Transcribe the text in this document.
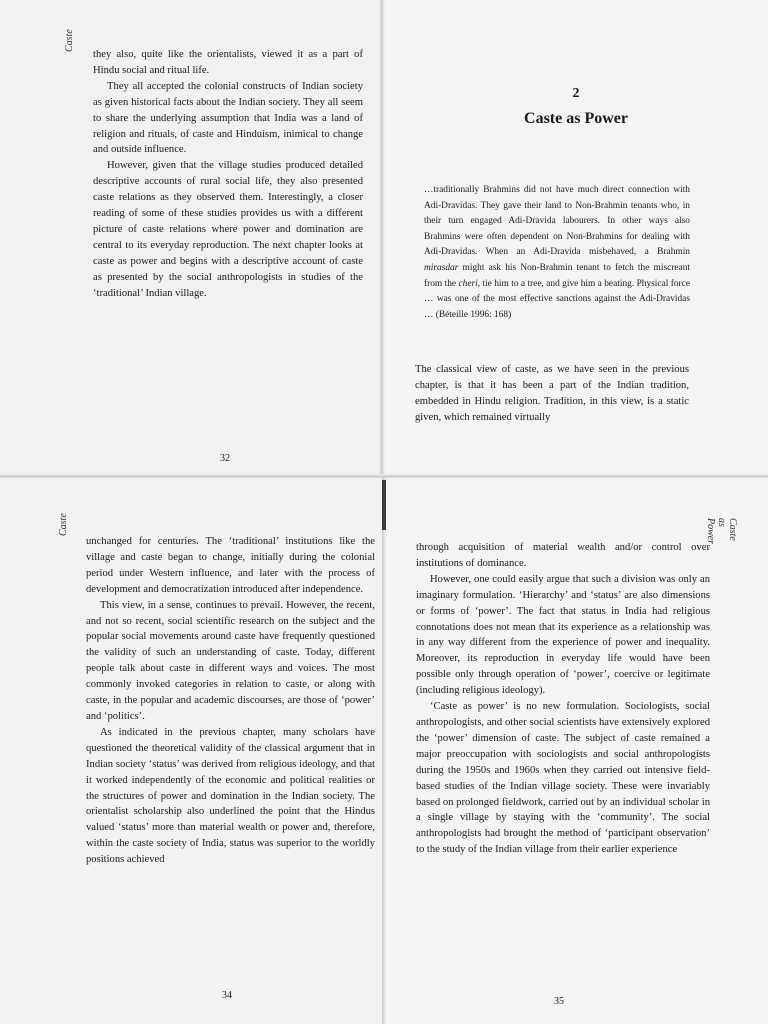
Caste

they also, quite like the orientalists, viewed it as a part of Hindu social and ritual life.

They all accepted the colonial constructs of Indian society as given historical facts about the Indian society. They all seem to share the underlying assumption that India was a land of religion and rituals, of caste and Hinduism, inimical to change and outside influence.

However, given that the village studies produced detailed descriptive accounts of rural social life, they also presented caste relations as they observed them. Interestingly, a closer reading of some of these studies provides us with a different picture of caste relations where power and domination are central to its everyday reproduction. The next chapter looks at caste as power and begins with a descriptive account of caste as presented by the social anthropologists in studies of the ‘traditional’ Indian village.

32
2
Caste as Power

…traditionally Brahmins did not have much direct connection with Adi-Dravidas. They gave their land to Non-Brahmin tenants who, in their turn engaged Adi-Dravida labourers. In other ways also Brahmins were often dependent on Non-Brahmins for dealing with Adi-Dravidas. When an Adi-Dravida misbehaved, a Brahmin mirasdar might ask his Non-Brahmin tenant to fetch the miscreant from the cheri, tie him to a tree, and give him a beating. Physical force … was one of the most effective sanctions against the Adi-Dravidas … (Béteille 1996: 168)

The classical view of caste, as we have seen in the previous chapter, is that it has been a part of the Indian tradition, embedded in Hindu religion. Tradition, in this view, is a static given, which remained virtually

Caste

unchanged for centuries. The ‘traditional’ institutions like the village and caste began to change, initially during the colonial period under Western influence, and later with the process of development and democratization introduced after independence.

This view, in a sense, continues to prevail. However, the recent, and not so recent, social scientific research on the subject and the popular social movements around caste have frequently questioned the validity of such an understanding of caste. Today, different people talk about caste in different ways and voices. The most commonly invoked categories in relation to caste, or along with caste, in the popular and academic discourses, are those of ‘power’ and ‘politics’.

As indicated in the previous chapter, many scholars have questioned the theoretical validity of the classical argument that in Indian society ‘status’ was derived from religious ideology, and that it worked independently of the economic and political realities or the structures of power and domination in the Indian society. The orientalist scholarship also underlined the point that the Hindus valued ‘status’ more than material wealth or power and, therefore, within the caste society of India, status was superior to the worldly positions achieved

34
Caste as Power

through acquisition of material wealth and/or control over institutions of dominance.

However, one could easily argue that such a division was only an imaginary formulation. ‘Hierarchy’ and ‘status’ are also dimensions or forms of ‘power’. The fact that status in India had religious connotations does not mean that its experience as a relationship was in any way different from the experience of power and inequality. Moreover, its reproduction in everyday life would have been possible only through operation of ‘power’, coercive or legitimate (including religious ideology).

‘Caste as power’ is no new formulation. Sociologists, social anthropologists, and other social scientists have extensively explored the ‘power’ dimension of caste. The subject of caste remained a major preoccupation with sociologists and social anthropologists during the 1950s and 1960s when they carried out intensive field-based studies of the Indian village society. These were invariably based on prolonged fieldwork, carried out by an individual scholar in a single village by staying with the ‘community’. The social anthropologists had brought the method of ‘participant observation’ to the study of the Indian village from their earlier experience

35
